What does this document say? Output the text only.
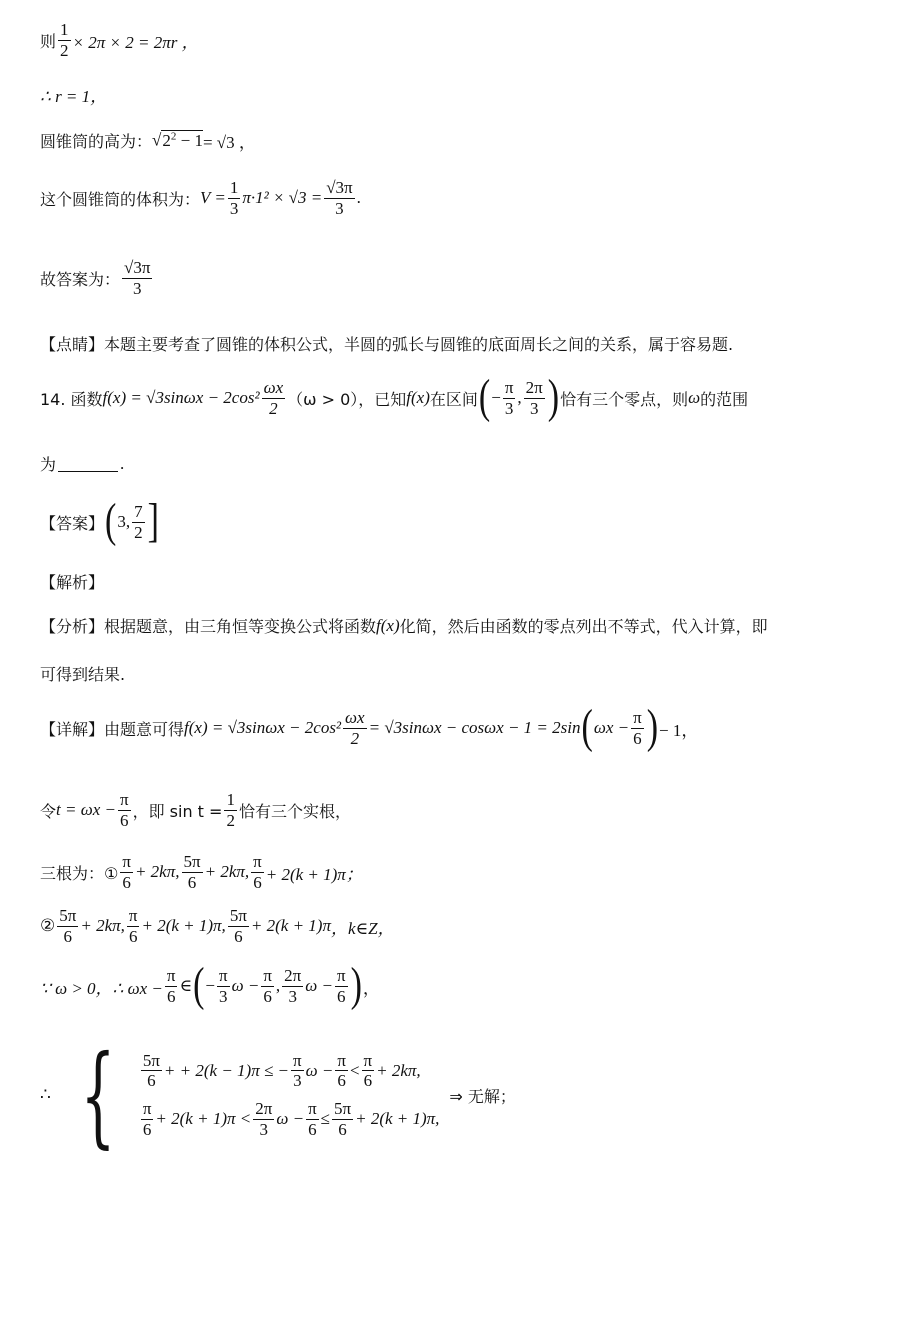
则 $\frac{1}{2} \times 2\pi \times 2 = 2\pi r$ ，
∴ r = 1，
圆锥筒的高为： $√2^2 - 1 = √3$ ，
这个圆锥筒的体积为： $V = \frac{1}{3} \pi\cdot 1^2 \times √3 = \frac{√3\pi}{3}$ .
故答案为： $\frac{√3\pi}{3}$
【点睛】本题主要考查了圆锥的体积公式，半圆的弧长与圆锥的底面周长之间的关系，属于容易题.
14. 函数 $f(x) = √3\sin\omega x - 2\cos^2 \frac{\omega x}{2} (\omega > 0)$，已知 f(x) 在区间 ( − $\frac{\pi}{3}$ , $\frac{2\pi}{3}$ ) 恰有三个零点，则 ω 的范围
为	.
【答案】 ( 3, $\frac{7}{2}$ ]
【解析】
【分析】根据题意，由三角恒等变换公式将函数 f(x) 化简，然后由函数的零点列出不等式，代入计算，即
可得到结果.
【详解】由题意可得 $f(x) = √3\sin\omega x - 2\cos^2 \frac{\omega x}{2} = √3\sin\omega x - \cos\omega x - 1 = 2\sin$ ( $\omega x - \frac{\pi}{6}$ ) − 1，
令 $t = \omega x - \frac{\pi}{6}$ ，即 $\sin t = \frac{1}{2}$ 恰有三个实根，
三根为：① $\frac{\pi}{6} + 2k\pi$, $\frac{5\pi}{6} + 2k\pi$, $\frac{\pi}{6} + 2(k + 1)\pi$；
② $\frac{5\pi}{6} + 2k\pi$, $\frac{\pi}{6} + 2(k + 1)\pi$, $\frac{5\pi}{6} + 2(k + 1)\pi$ ，k∈Z，
∵ ω > 0，∴ $\omega x - \frac{\pi}{6}$ ∈ ( − $\frac{\pi}{3}$ $\omega - \frac{\pi}{6}$ , $\frac{2\pi}{3}$ $\omega - \frac{\pi}{6}$ ) ，
∴ { $\frac{5\pi}{6}$ + + 2(k − 1)π ≤ − $\frac{\pi}{3}$ $\omega - \frac{\pi}{6} < \frac{\pi}{6} + 2k\pi$,
$\frac{\pi}{6} + 2(k + 1)\pi < \frac{2\pi}{3}$ $\omega - \frac{\pi}{6} \le \frac{5\pi}{6} + 2(k + 1)\pi$,
⇒ 无解；
